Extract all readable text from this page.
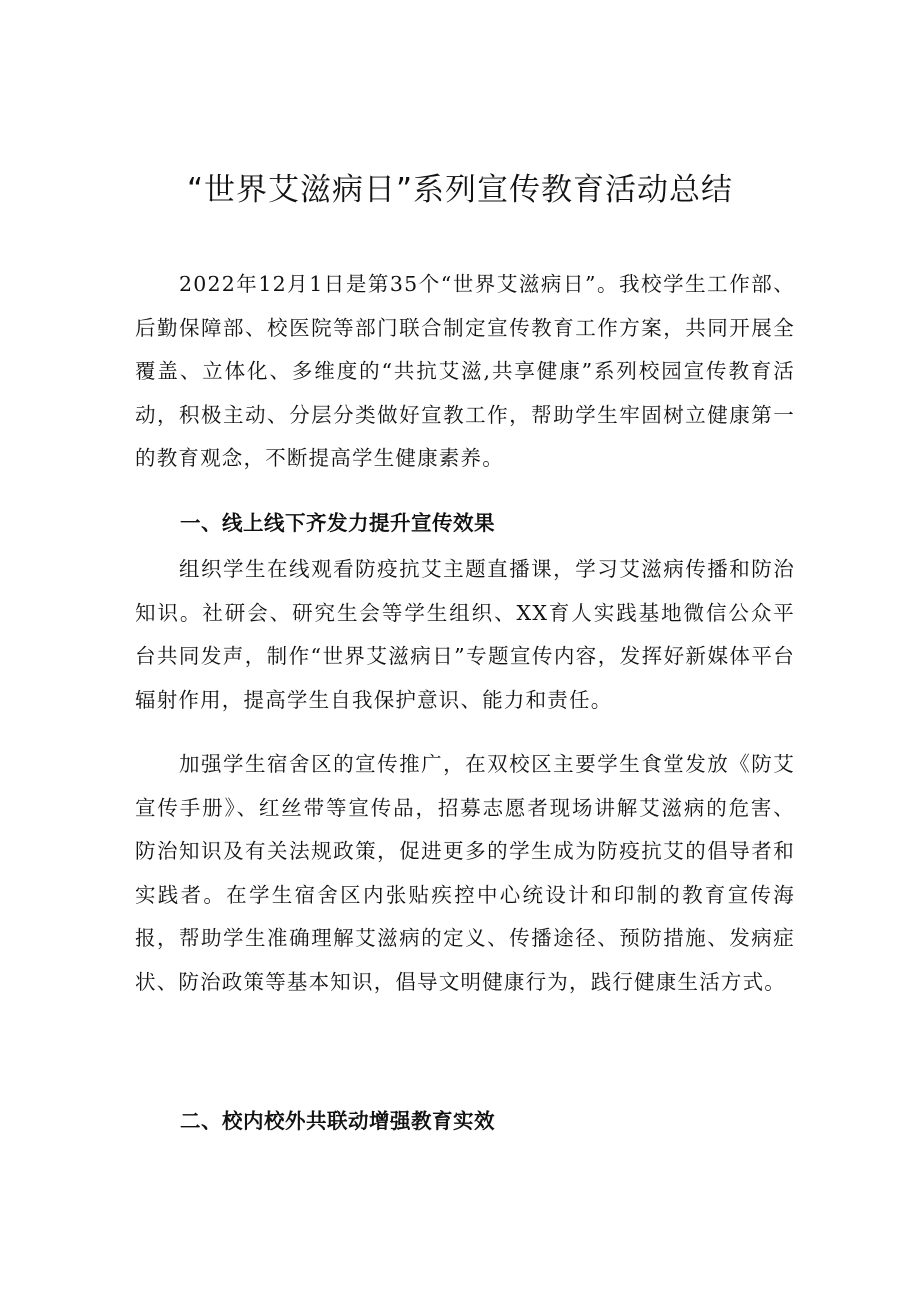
“世界艾滋病日”系列宣传教育活动总结

2022年12月1日是第35个“世界艾滋病日”。我校学生工作部、后勤保障部、校医院等部门联合制定宣传教育工作方案，共同开展全覆盖、立体化、多维度的“共抗艾滋,共享健康”系列校园宣传教育活动，积极主动、分层分类做好宣教工作，帮助学生牢固树立健康第一的教育观念，不断提高学生健康素养。

一、线上线下齐发力提升宣传效果

组织学生在线观看防疫抗艾主题直播课，学习艾滋病传播和防治知识。社研会、研究生会等学生组织、XX育人实践基地微信公众平台共同发声，制作“世界艾滋病日”专题宣传内容，发挥好新媒体平台辐射作用，提高学生自我保护意识、能力和责任。

加强学生宿舍区的宣传推广，在双校区主要学生食堂发放《防艾宣传手册》、红丝带等宣传品，招募志愿者现场讲解艾滋病的危害、防治知识及有关法规政策，促进更多的学生成为防疫抗艾的倡导者和实践者。在学生宿舍区内张贴疾控中心统设计和印制的教育宣传海报，帮助学生准确理解艾滋病的定义、传播途径、预防措施、发病症状、防治政策等基本知识，倡导文明健康行为，践行健康生活方式。

二、校内校外共联动增强教育实效
